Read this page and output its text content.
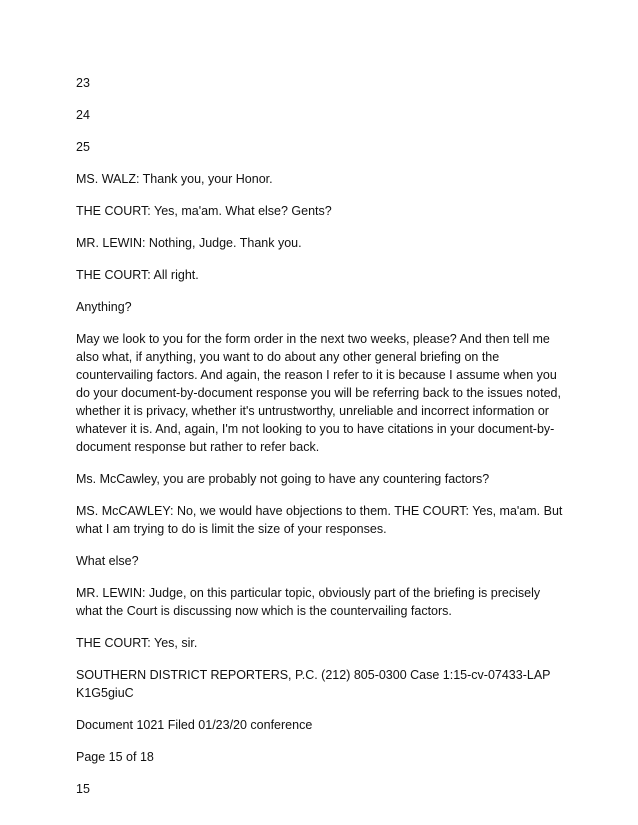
23
24
25

MS. WALZ: Thank you, your Honor.

THE COURT: Yes, ma'am. What else? Gents?

MR. LEWIN: Nothing, Judge. Thank you.

THE COURT: All right.

Anything?

May we look to you for the form order in the next two weeks, please? And then tell me also what, if anything, you want to do about any other general briefing on the countervailing factors. And again, the reason I refer to it is because I assume when you do your document-by-document response you will be referring back to the issues noted, whether it is privacy, whether it's untrustworthy, unreliable and incorrect information or whatever it is. And, again, I'm not looking to you to have citations in your document-by-document response but rather to refer back.

Ms. McCawley, you are probably not going to have any countering factors?

MS. McCAWLEY: No, we would have objections to them. THE COURT: Yes, ma'am. But what I am trying to do is limit the size of your responses.

What else?

MR. LEWIN: Judge, on this particular topic, obviously part of the briefing is precisely what the Court is discussing now which is the countervailing factors.

THE COURT: Yes, sir.

SOUTHERN DISTRICT REPORTERS, P.C. (212) 805-0300 Case 1:15-cv-07433-LAP K1G5giuC

Document 1021 Filed 01/23/20 conference

Page 15 of 18

15
